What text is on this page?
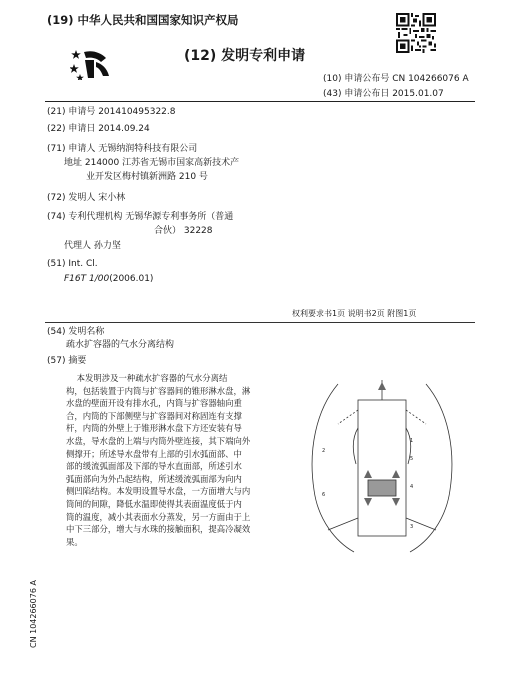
(19) 中华人民共和国国家知识产权局
(12) 发明专利申请
(10) 申请公布号 CN 104266076 A
(43) 申请公布日 2015.01.07
(21) 申请号 201410495322.8
(22) 申请日 2014.09.24
(71) 申请人 无锡纳润特科技有限公司
地址 214000 江苏省无锡市国家高新技术产
业开发区梅村镇新洲路 210 号
(72) 发明人 宋小林
(74) 专利代理机构 无锡华源专利事务所（普通
合伙） 32228
代理人 孙力坚
(51) Int. Cl.
F16T 1/00(2006.01)
权利要求书1页 说明书2页 附图1页
(54) 发明名称
疏水扩容器的气水分离结构
(57) 摘要
本发明涉及一种疏水扩容器的气水分离结
构，包括装置于内筒与扩容器间的锥形淋水盘，淋
水盘的壁面开设有排水孔，内筒与扩容器轴向重
合，内筒的下部侧壁与扩容器间对称固连有支撑
杆，内筒的外壁上于锥形淋水盘下方还安装有导
水盘，导水盘的上端与内筒外壁连接，其下端向外
侧撑开；所述导水盘带有上部的引水弧面部、中
部的缓流弧面部及下部的导水直面部，所述引水
弧面部向为外凸起结构，所述缓流弧面部为向内
侧凹陷结构。本发明设置导水盘，一方面增大与内
筒间的间隙，降低水温即使得其表面温度低于内
筒的温度，减小其表面水分蒸发，另一方面由于上
中下三部分，增大与水珠的接触面积，提高冷凝效
果。
1
5
2
4
6
3
CN 104266076 A
